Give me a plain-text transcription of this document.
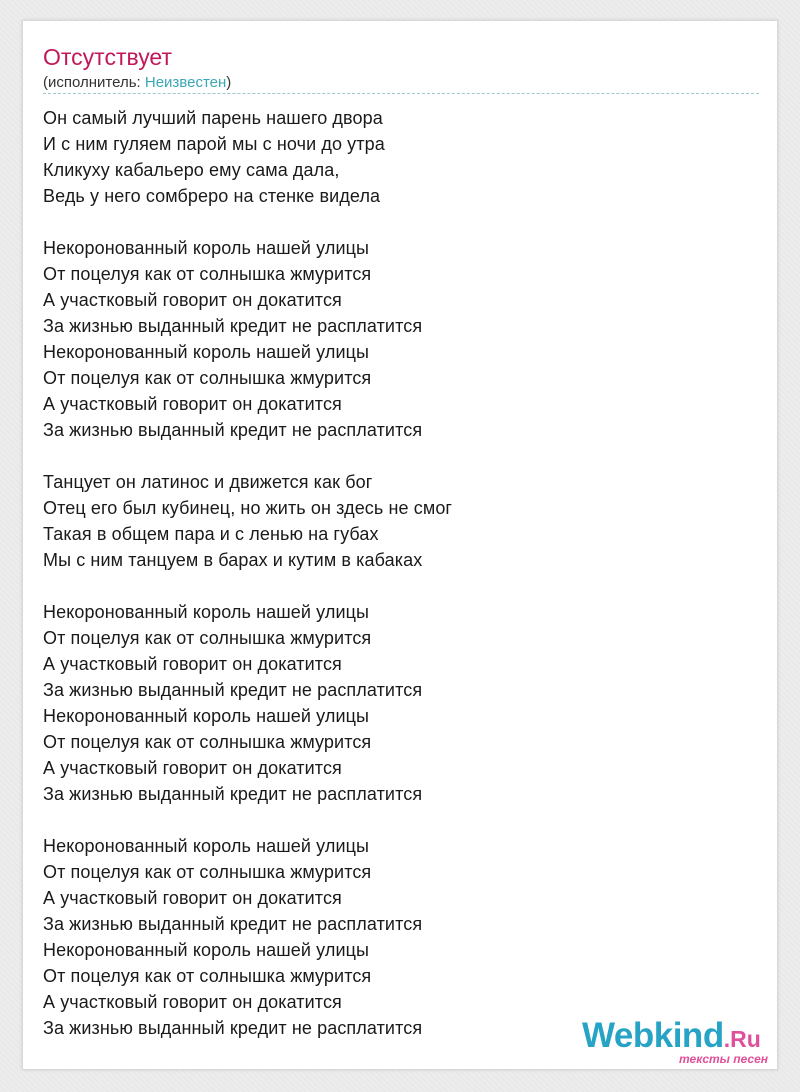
Отсутствует
(исполнитель: Неизвестен)
Он самый лучший парень нашего двора
И с ним гуляем парой мы с ночи до утра
Кликуху кабальеро ему сама дала,
Ведь у него сомбреро на стенке видела
Некоронованный король нашей улицы
От поцелуя как от солнышка жмурится
А участковый говорит он докатится
За жизнью выданный кредит не расплатится
Некоронованный король нашей улицы
От поцелуя как от солнышка жмурится
А участковый говорит он докатится
За жизнью выданный кредит не расплатится
Танцует он латинос и движется как бог
Отец его был кубинец, но жить он здесь не смог
Такая в общем пара и с ленью на губах
Мы с ним танцуем в барах и кутим в кабаках
Некоронованный король нашей улицы
От поцелуя как от солнышка жмурится
А участковый говорит он докатится
За жизнью выданный кредит не расплатится
Некоронованный король нашей улицы
От поцелуя как от солнышка жмурится
А участковый говорит он докатится
За жизнью выданный кредит не расплатится
Некоронованный король нашей улицы
От поцелуя как от солнышка жмурится
А участковый говорит он докатится
За жизнью выданный кредит не расплатится
Некоронованный король нашей улицы
От поцелуя как от солнышка жмурится
А участковый говорит он докатится
За жизнью выданный кредит не расплатится	Webkind.Ru
тексты песен
